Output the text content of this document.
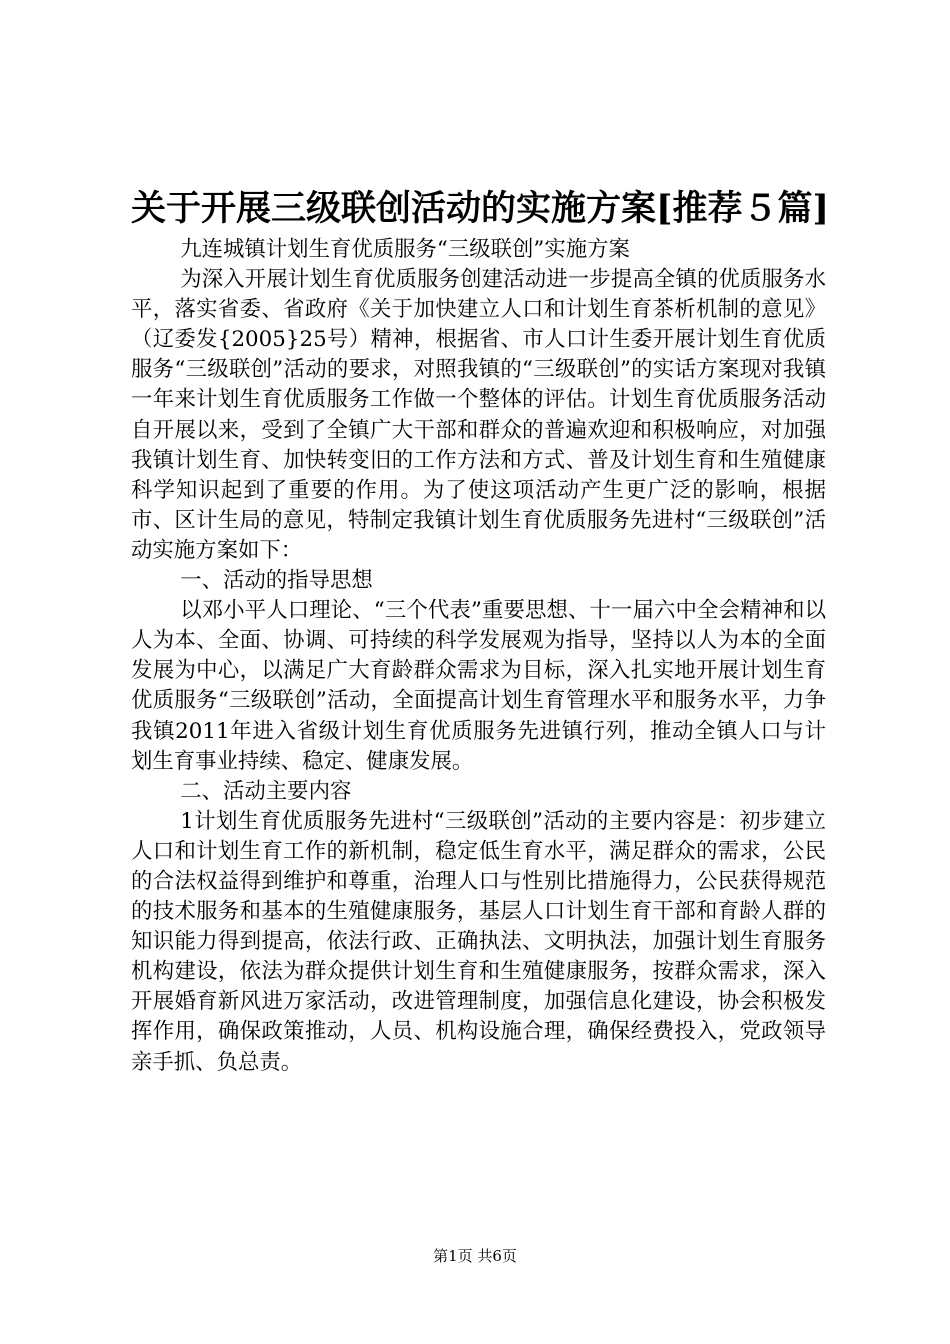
关于开展三级联创活动的实施方案[推荐５篇]

九连城镇计划生育优质服务“三级联创”实施方案

为深入开展计划生育优质服务创建活动进一步提高全镇的优质服务水平，落实省委、省政府《关于加快建立人口和计划生育茶析机制的意见》（辽委发{2005}25号）精神，根据省、市人口计生委开展计划生育优质服务“三级联创”活动的要求，对照我镇的“三级联创”的实话方案现对我镇一年来计划生育优质服务工作做一个整体的评估。计划生育优质服务活动自开展以来，受到了全镇广大干部和群众的普遍欢迎和积极响应，对加强我镇计划生育、加快转变旧的工作方法和方式、普及计划生育和生殖健康科学知识起到了重要的作用。为了使这项活动产生更广泛的影响，根据市、区计生局的意见，特制定我镇计划生育优质服务先进村“三级联创”活动实施方案如下：

一、活动的指导思想

以邓小平人口理论、“三个代表”重要思想、十一届六中全会精神和以人为本、全面、协调、可持续的科学发展观为指导，坚持以人为本的全面发展为中心，以满足广大育龄群众需求为目标，深入扎实地开展计划生育优质服务“三级联创”活动，全面提高计划生育管理水平和服务水平，力争我镇2011年进入省级计划生育优质服务先进镇行列，推动全镇人口与计划生育事业持续、稳定、健康发展。

二、活动主要内容

1计划生育优质服务先进村“三级联创”活动的主要内容是：初步建立人口和计划生育工作的新机制，稳定低生育水平，满足群众的需求，公民的合法权益得到维护和尊重，治理人口与性别比措施得力，公民获得规范的技术服务和基本的生殖健康服务，基层人口计划生育干部和育龄人群的知识能力得到提高，依法行政、正确执法、文明执法，加强计划生育服务机构建设，依法为群众提供计划生育和生殖健康服务，按群众需求，深入开展婚育新风进万家活动，改进管理制度，加强信息化建设，协会积极发挥作用，确保政策推动，人员、机构设施合理，确保经费投入，党政领导亲手抓、负总责。

第1页 共6页
